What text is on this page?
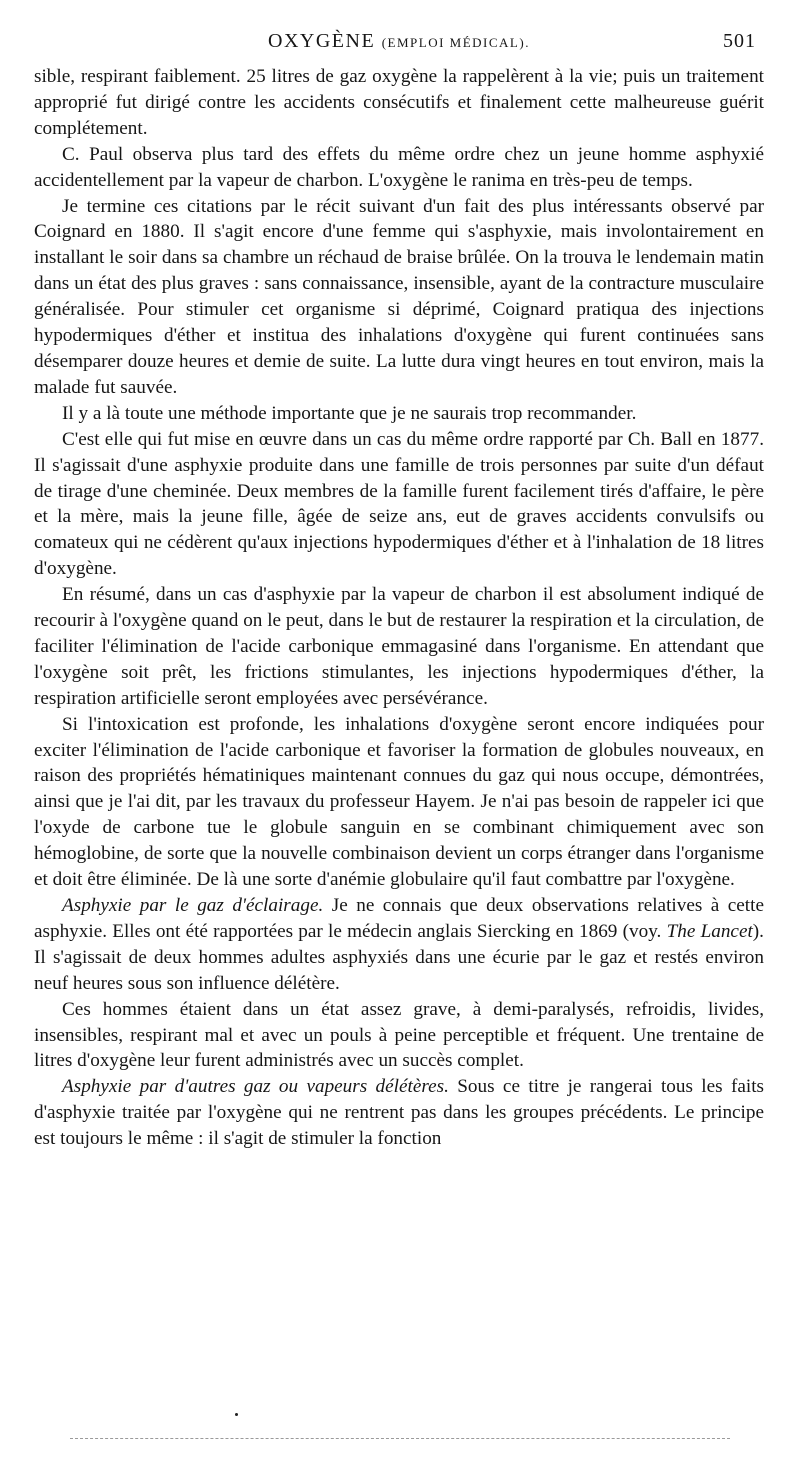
OXYGÈNE (EMPLOI MÉDICAL).	501

sible, respirant faiblement. 25 litres de gaz oxygène la rappelèrent à la vie; puis un traitement approprié fut dirigé contre les accidents consécutifs et finalement cette malheureuse guérit complétement.

C. Paul observa plus tard des effets du même ordre chez un jeune homme asphyxié accidentellement par la vapeur de charbon. L'oxygène le ranima en très-peu de temps.

Je termine ces citations par le récit suivant d'un fait des plus intéressants observé par Coignard en 1880. Il s'agit encore d'une femme qui s'asphyxie, mais involontairement en installant le soir dans sa chambre un réchaud de braise brûlée. On la trouva le lendemain matin dans un état des plus graves : sans connaissance, insensible, ayant de la contracture musculaire généralisée. Pour stimuler cet organisme si déprimé, Coignard pratiqua des injections hypodermiques d'éther et institua des inhalations d'oxygène qui furent continuées sans désemparer douze heures et demie de suite. La lutte dura vingt heures en tout environ, mais la malade fut sauvée.

Il y a là toute une méthode importante que je ne saurais trop recommander.

C'est elle qui fut mise en œuvre dans un cas du même ordre rapporté par Ch. Ball en 1877. Il s'agissait d'une asphyxie produite dans une famille de trois personnes par suite d'un défaut de tirage d'une cheminée. Deux membres de la famille furent facilement tirés d'affaire, le père et la mère, mais la jeune fille, âgée de seize ans, eut de graves accidents convulsifs ou comateux qui ne cédèrent qu'aux injections hypodermiques d'éther et à l'inhalation de 18 litres d'oxygène.

En résumé, dans un cas d'asphyxie par la vapeur de charbon il est absolument indiqué de recourir à l'oxygène quand on le peut, dans le but de restaurer la respiration et la circulation, de faciliter l'élimination de l'acide carbonique emmagasiné dans l'organisme. En attendant que l'oxygène soit prêt, les frictions stimulantes, les injections hypodermiques d'éther, la respiration artificielle seront employées avec persévérance.

Si l'intoxication est profonde, les inhalations d'oxygène seront encore indiquées pour exciter l'élimination de l'acide carbonique et favoriser la formation de globules nouveaux, en raison des propriétés hématiniques maintenant connues du gaz qui nous occupe, démontrées, ainsi que je l'ai dit, par les travaux du professeur Hayem. Je n'ai pas besoin de rappeler ici que l'oxyde de carbone tue le globule sanguin en se combinant chimiquement avec son hémoglobine, de sorte que la nouvelle combinaison devient un corps étranger dans l'organisme et doit être éliminée. De là une sorte d'anémie globulaire qu'il faut combattre par l'oxygène.

Asphyxie par le gaz d'éclairage. Je ne connais que deux observations relatives à cette asphyxie. Elles ont été rapportées par le médecin anglais Siercking en 1869 (voy. The Lancet). Il s'agissait de deux hommes adultes asphyxiés dans une écurie par le gaz et restés environ neuf heures sous son influence délétère.

Ces hommes étaient dans un état assez grave, à demi-paralysés, refroidis, livides, insensibles, respirant mal et avec un pouls à peine perceptible et fréquent. Une trentaine de litres d'oxygène leur furent administrés avec un succès complet.

Asphyxie par d'autres gaz ou vapeurs délétères. Sous ce titre je rangerai tous les faits d'asphyxie traitée par l'oxygène qui ne rentrent pas dans les groupes précédents. Le principe est toujours le même : il s'agit de stimuler la fonction
